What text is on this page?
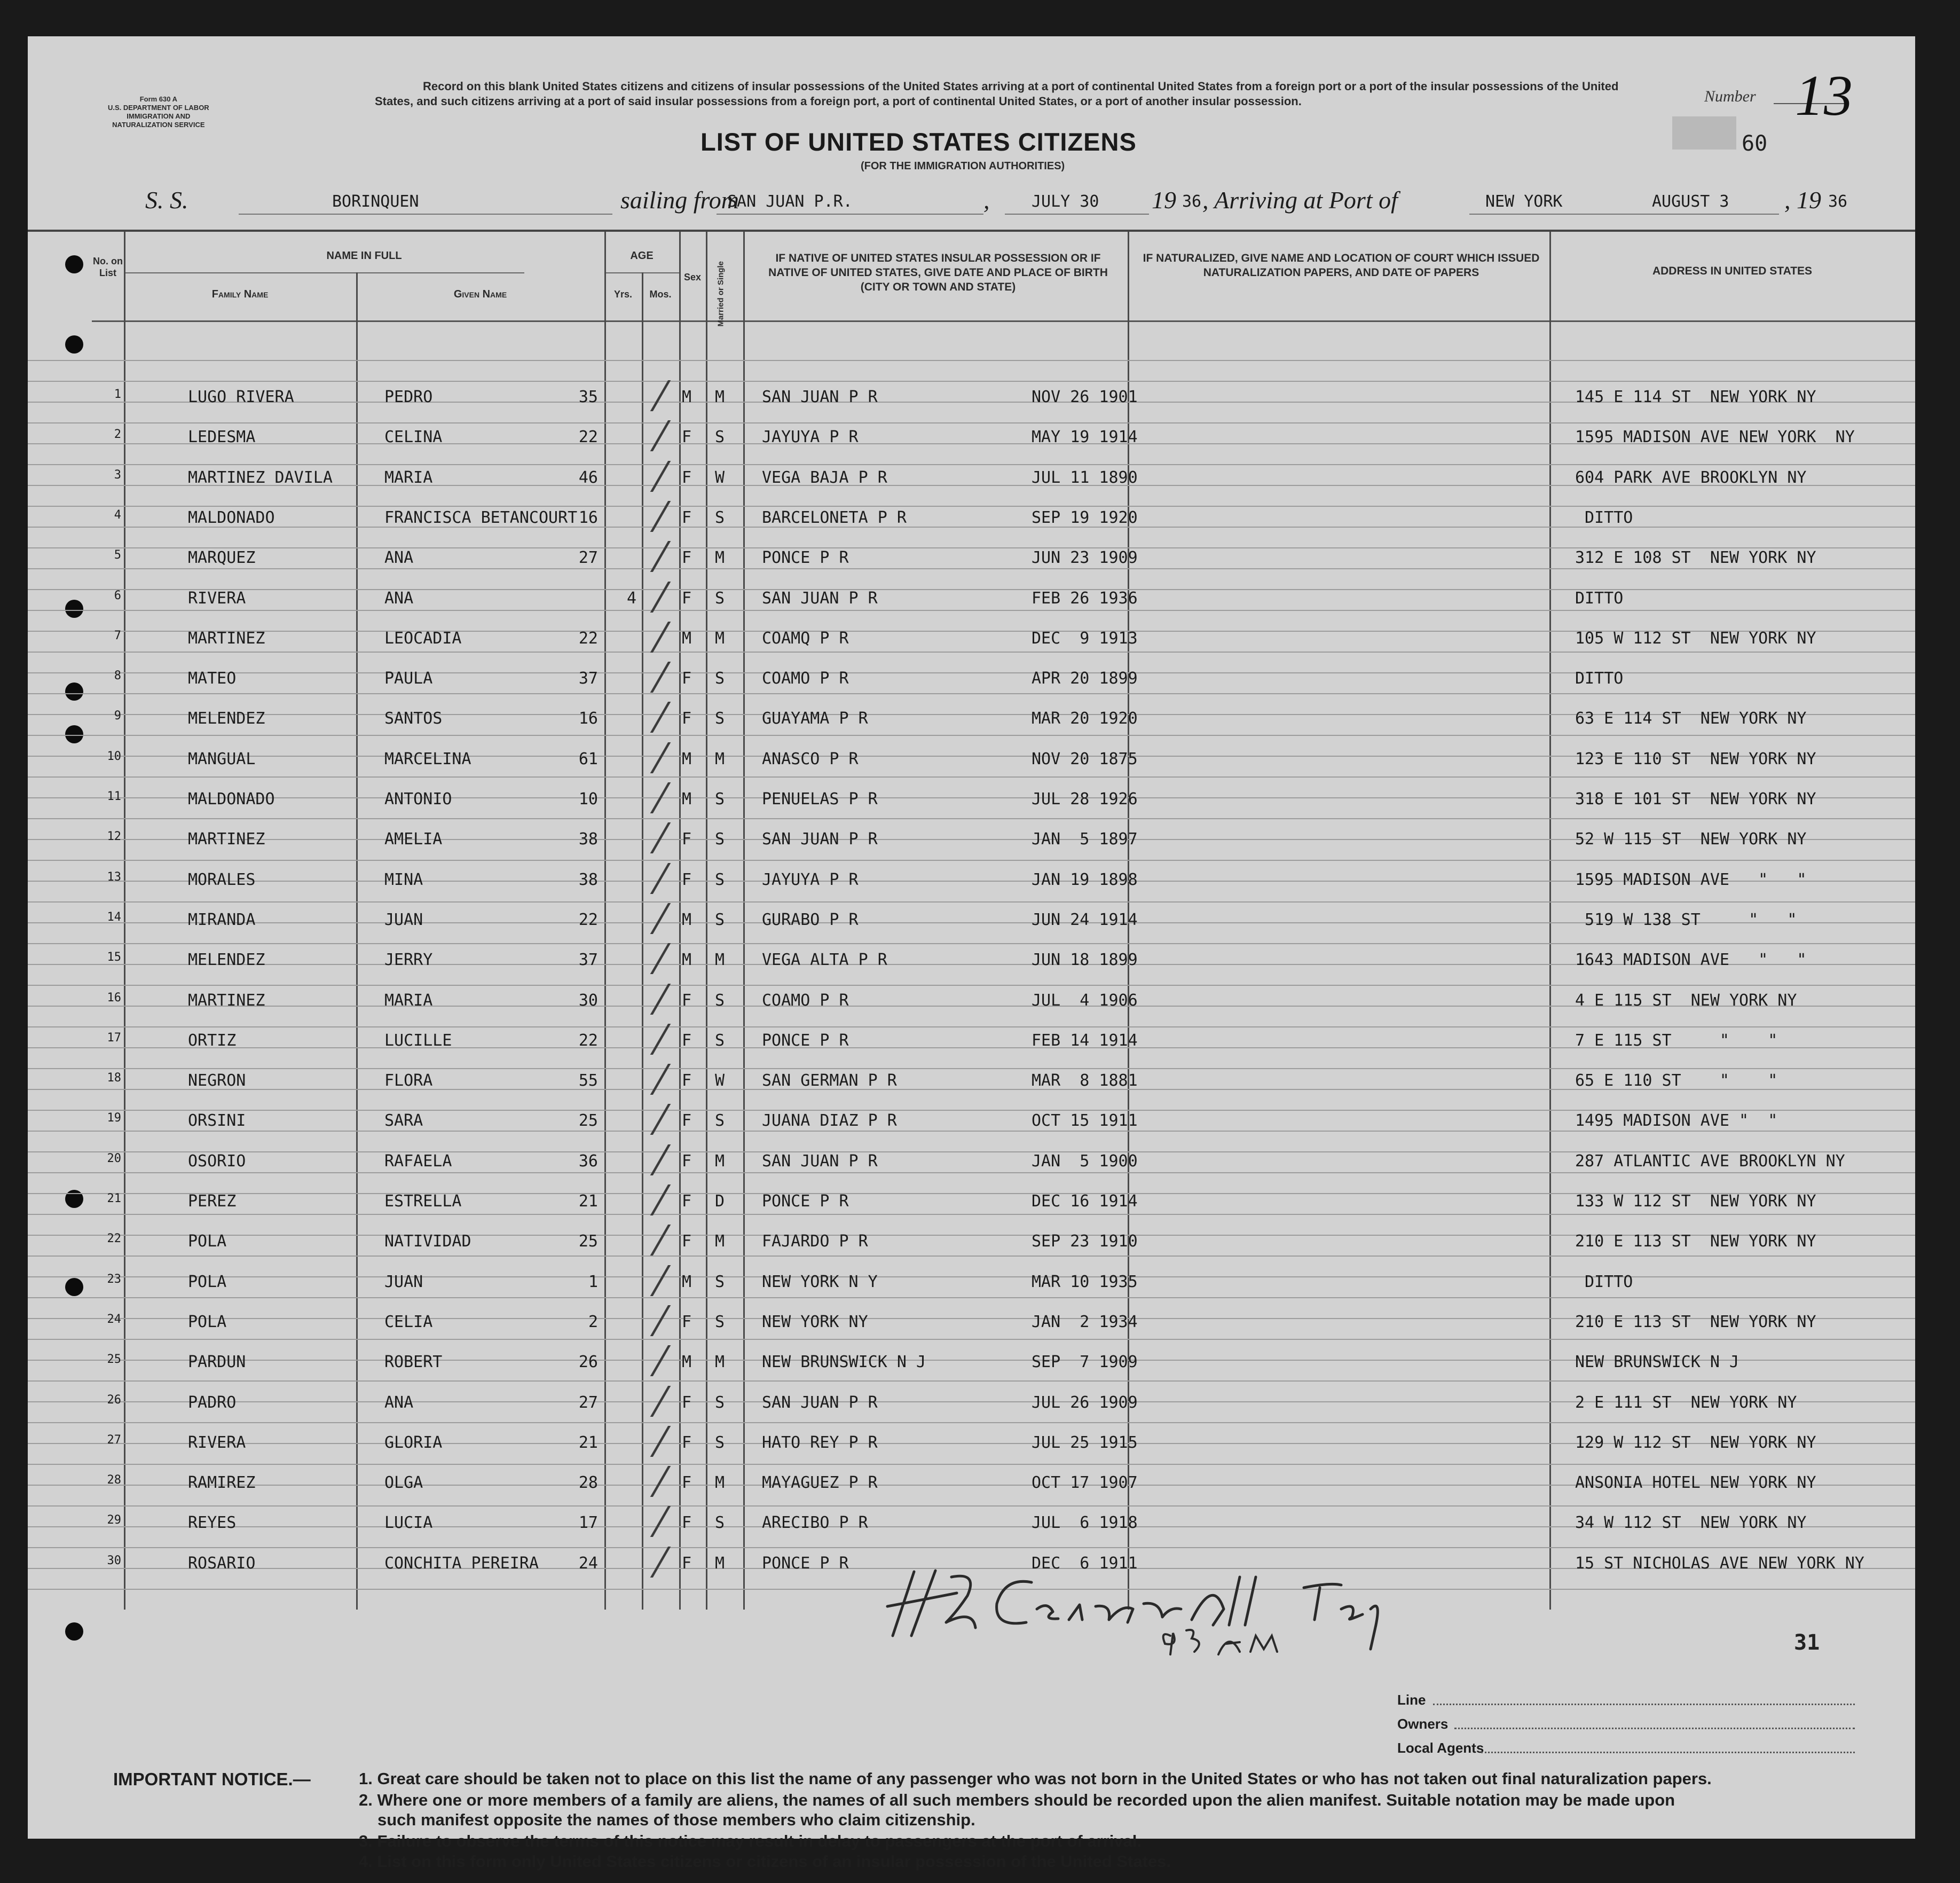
Form 630 A
U.S. DEPARTMENT OF LABOR
IMMIGRATION AND
NATURALIZATION SERVICE
Record on this blank United States citizens and citizens of insular possessions of the United States arriving at a port of continental United States from a foreign port or a port of the insular possessions of the United States, and such citizens arriving at a port of said insular possessions from a foreign port, a port of continental United States, or a port of another insular possession.
LIST OF UNITED STATES CITIZENS
(FOR THE IMMIGRATION AUTHORITIES)
Number 13
60
S. S.	BORINQUEN	sailing from
SAN JUAN P.R.	,	JULY 30 19 36 , Arriving at Port of	NEW YORK	AUGUST 3 , 19 36
No. on List
NAME IN FULL
Family Name	Given Name
AGE
Yrs.	Mos.
Sex	Married or Single
IF NATIVE OF UNITED STATES INSULAR POSSESSION OR IF NATIVE OF UNITED STATES, GIVE DATE AND PLACE OF BIRTH (CITY OR TOWN AND STATE)
IF NATURALIZED, GIVE NAME AND LOCATION OF COURT WHICH ISSUED NATURALIZATION PAPERS, AND DATE OF PAPERS	ADDRESS IN UNITED STATES
1	LUGO RIVERA	PEDRO	35	M M SAN JUAN P R	NOV 26 1901	145 E 114 ST  NEW YORK NY
2	LEDESMA	CELINA	22	F S JAYUYA P R	MAY 19 1914	1595 MADISON AVE NEW YORK  NY
3	MARTINEZ DAVILA	MARIA	46	F W VEGA BAJA P R	JUL 11 1890	604 PARK AVE BROOKLYN NY
4	MALDONADO	FRANCISCA BETANCOURT 16	F S BARCELONETA P R	SEP 19 1920	DITTO
5	MARQUEZ	ANA	27	F M PONCE P R	JUN 23 1909	312 E 108 ST  NEW YORK NY
6	RIVERA	ANA	4	F S SAN JUAN P R	FEB 26 1936	DITTO
7	MARTINEZ	LEOCADIA	22	M M COAMQ P R	DEC  9 1913	105 W 112 ST  NEW YORK NY
8	MATEO	PAULA	37	F S COAMO P R	APR 20 1899	DITTO
9	MELENDEZ	SANTOS	16	F S GUAYAMA P R	MAR 20 1920	63 E 114 ST  NEW YORK NY
10	MANGUAL	MARCELINA	61	M M ANASCO P R	NOV 20 1875	123 E 110 ST  NEW YORK NY
11	MALDONADO	ANTONIO	10	M S PENUELAS P R	JUL 28 1926	318 E 101 ST  NEW YORK NY
12	MARTINEZ	AMELIA	38	F S SAN JUAN P R	JAN  5 1897	52 W 115 ST  NEW YORK NY
13	MORALES	MINA	38	F S JAYUYA P R	JAN 19 1898	1595 MADISON AVE   "   "
14	MIRANDA	JUAN	22	M S GURABO P R	JUN 24 1914	519 W 138 ST     "   "
15	MELENDEZ	JERRY	37	M M VEGA ALTA P R	JUN 18 1899	1643 MADISON AVE   "   "
16	MARTINEZ	MARIA	30	F S COAMO P R	JUL  4 1906	4 E 115 ST  NEW YORK NY
17	ORTIZ	LUCILLE	22	F S PONCE P R	FEB 14 1914	7 E 115 ST     "    "
18	NEGRON	FLORA	55	F W SAN GERMAN P R	MAR  8 1881	65 E 110 ST    "    "
19	ORSINI	SARA	25	F S JUANA DIAZ P R	OCT 15 1911	1495 MADISON AVE "  "
20	OSORIO	RAFAELA	36	F M SAN JUAN P R	JAN  5 1900	287 ATLANTIC AVE BROOKLYN NY
21	PEREZ	ESTRELLA	21	F D PONCE P R	DEC 16 1914	133 W 112 ST  NEW YORK NY
22	POLA	NATIVIDAD	25	F M FAJARDO P R	SEP 23 1910	210 E 113 ST  NEW YORK NY
23	POLA	JUAN	1	M S NEW YORK N Y	MAR 10 1935	DITTO
24	POLA	CELIA	2	F S NEW YORK NY	JAN  2 1934	210 E 113 ST  NEW YORK NY
25	PARDUN	ROBERT	26	M M NEW BRUNSWICK N J	SEP  7 1909	NEW BRUNSWICK N J
26	PADRO	ANA	27	F S SAN JUAN P R	JUL 26 1909	2 E 111 ST  NEW YORK NY
27	RIVERA	GLORIA	21	F S HATO REY P R	JUL 25 1915	129 W 112 ST  NEW YORK NY
28	RAMIREZ	OLGA	28	F M MAYAGUEZ P R	OCT 17 1907	ANSONIA HOTEL NEW YORK NY
29	REYES	LUCIA	17	F S ARECIBO P R	JUL  6 1918	34 W 112 ST  NEW YORK NY
30	ROSARIO	CONCHITA PEREIRA	24	F M PONCE P R	DEC  6 1911	15 ST NICHOLAS AVE NEW YORK NY
31
Line
Owners
Local Agents
IMPORTANT NOTICE.—	1. Great care should be taken not to place on this list the name of any passenger who was not born in the United States or who has not taken out final naturalization papers.
2. Where one or more members of a family are aliens, the names of all such members should be recorded upon the alien manifest. Suitable notation may be made upon
such manifest opposite the names of those members who claim citizenship.
3. Failure to observe the terms of this notice may result in delay to passengers at the port of arrival.
4. List on this form only United States citizens or citizens of an insular possession of the United States.
